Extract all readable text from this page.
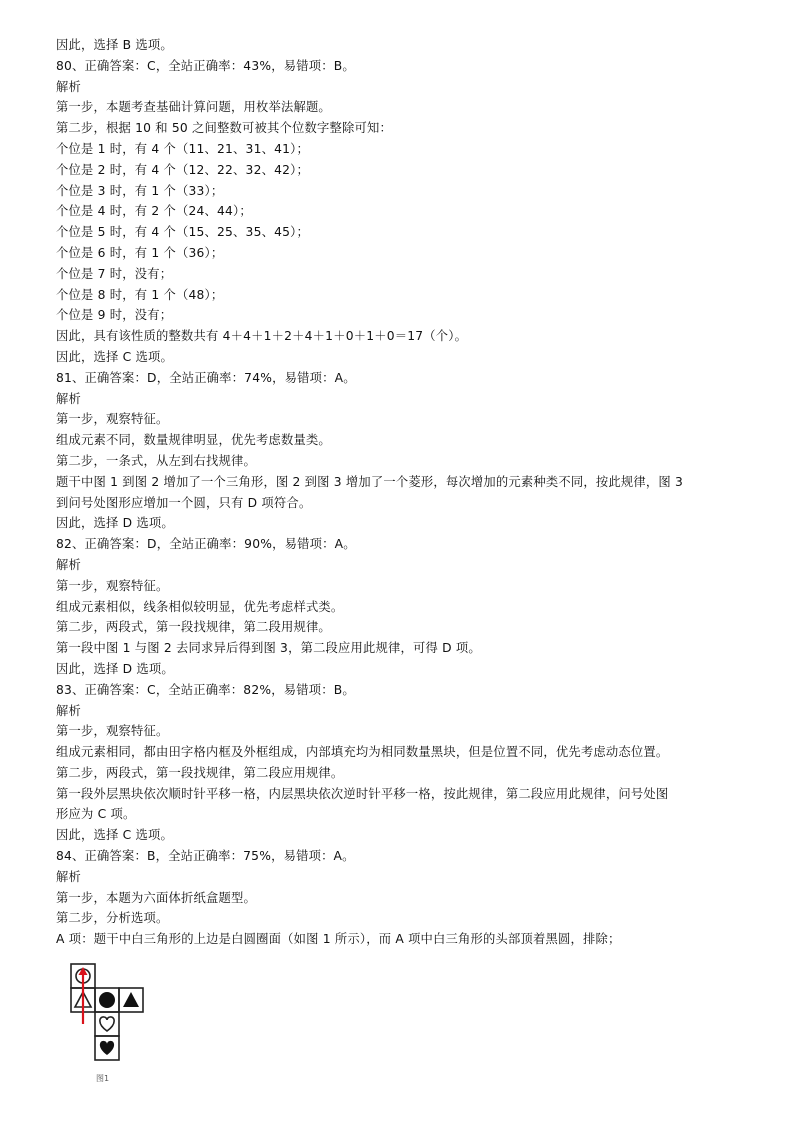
因此，选择 B 选项。
80、正确答案：C，全站正确率：43%，易错项：B。
解析
第一步，本题考查基础计算问题，用枚举法解题。
第二步，根据 10 和 50 之间整数可被其个位数字整除可知：
个位是 1 时，有 4 个（11、21、31、41）；
个位是 2 时，有 4 个（12、22、32、42）；
个位是 3 时，有 1 个（33）；
个位是 4 时，有 2 个（24、44）；
个位是 5 时，有 4 个（15、25、35、45）；
个位是 6 时，有 1 个（36）；
个位是 7 时，没有；
个位是 8 时，有 1 个（48）；
个位是 9 时，没有；
因此，具有该性质的整数共有 4＋4＋1＋2＋4＋1＋0＋1＋0＝17（个）。
因此，选择 C 选项。
81、正确答案：D，全站正确率：74%，易错项：A。
解析
第一步，观察特征。
组成元素不同，数量规律明显，优先考虑数量类。
第二步，一条式，从左到右找规律。
题干中图 1 到图 2 增加了一个三角形，图 2 到图 3 增加了一个菱形，每次增加的元素种类不同，按此规律，图 3
到问号处图形应增加一个圆，只有 D 项符合。
因此，选择 D 选项。
82、正确答案：D，全站正确率：90%，易错项：A。
解析
第一步，观察特征。
组成元素相似，线条相似较明显，优先考虑样式类。
第二步，两段式，第一段找规律，第二段用规律。
第一段中图 1 与图 2 去同求异后得到图 3，第二段应用此规律，可得 D 项。
因此，选择 D 选项。
83、正确答案：C，全站正确率：82%，易错项：B。
解析
第一步，观察特征。
组成元素相同，都由田字格内框及外框组成，内部填充均为相同数量黑块，但是位置不同，优先考虑动态位置。
第二步，两段式，第一段找规律，第二段应用规律。
第一段外层黑块依次顺时针平移一格，内层黑块依次逆时针平移一格，按此规律，第二段应用此规律，问号处图
形应为 C 项。
因此，选择 C 选项。
84、正确答案：B，全站正确率：75%，易错项：A。
解析
第一步，本题为六面体折纸盒题型。
第二步，分析选项。
A 项：题干中白三角形的上边是白圆圈面（如图 1 所示），而 A 项中白三角形的头部顶着黑圆，排除；
图1
